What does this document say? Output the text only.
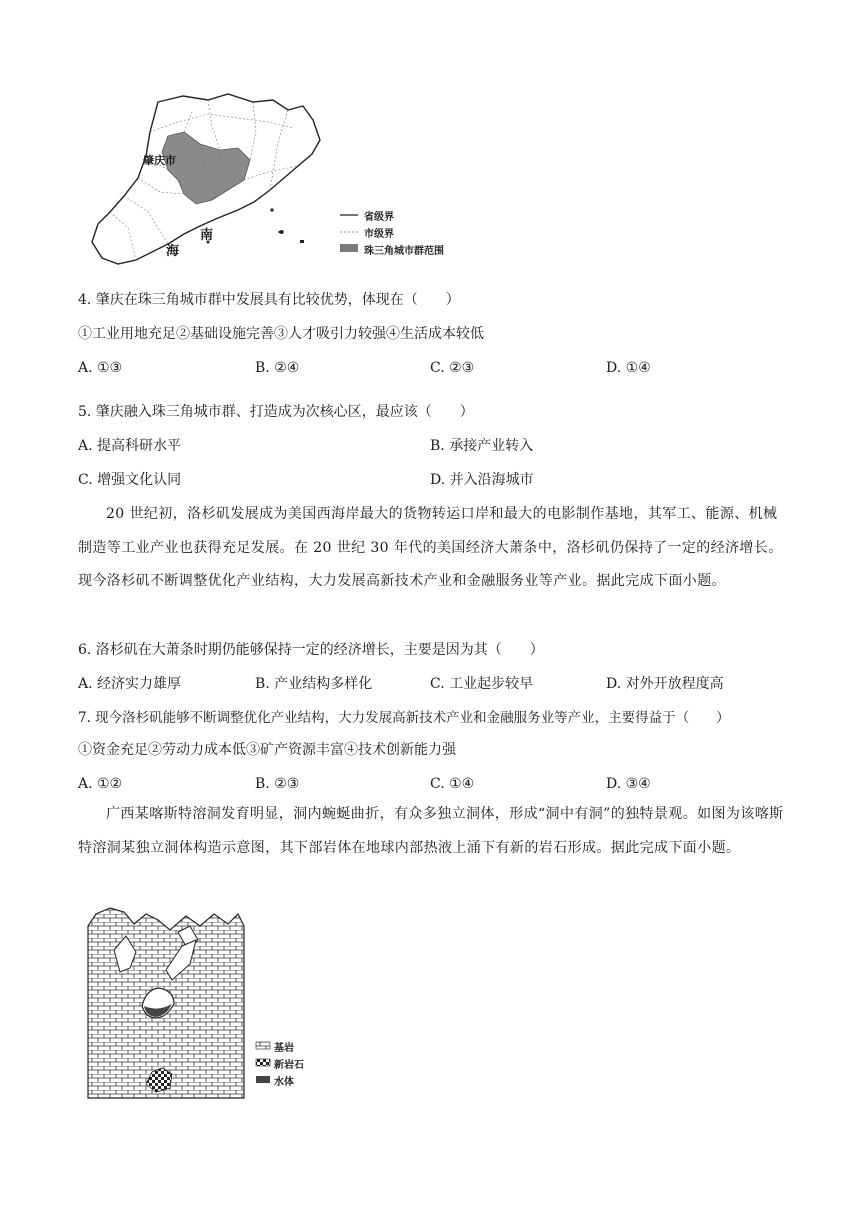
肇庆市
南
海
省级界
市级界
珠三角城市群范围
4. 肇庆在珠三角城市群中发展具有比较优势，体现在（　　）
①工业用地充足②基础设施完善③人才吸引力较强④生活成本较低
A. ①③	B. ②④	C. ②③	D. ①④
5. 肇庆融入珠三角城市群、打造成为次核心区，最应该（　　）
A. 提高科研水平	B. 承接产业转入
C. 增强文化认同	D. 并入沿海城市
20 世纪初，洛杉矶发展成为美国西海岸最大的货物转运口岸和最大的电影制作基地，其军工、能源、机械制造等工业产业也获得充足发展。在 20 世纪 30 年代的美国经济大萧条中，洛杉矶仍保持了一定的经济增长。现今洛杉矶不断调整优化产业结构，大力发展高新技术产业和金融服务业等产业。据此完成下面小题。
6. 洛杉矶在大萧条时期仍能够保持一定的经济增长，主要是因为其（　　）
A. 经济实力雄厚	B. 产业结构多样化	C. 工业起步较早	D. 对外开放程度高
7. 现今洛杉矶能够不断调整优化产业结构，大力发展高新技术产业和金融服务业等产业，主要得益于（　　）
①资金充足②劳动力成本低③矿产资源丰富④技术创新能力强
A. ①②	B. ②③	C. ①④	D. ③④
广西某喀斯特溶洞发育明显，洞内蜿蜒曲折，有众多独立洞体，形成“洞中有洞”的独特景观。如图为该喀斯特溶洞某独立洞体构造示意图，其下部岩体在地球内部热液上涌下有新的岩石形成。据此完成下面小题。
基岩
新岩石
水体
